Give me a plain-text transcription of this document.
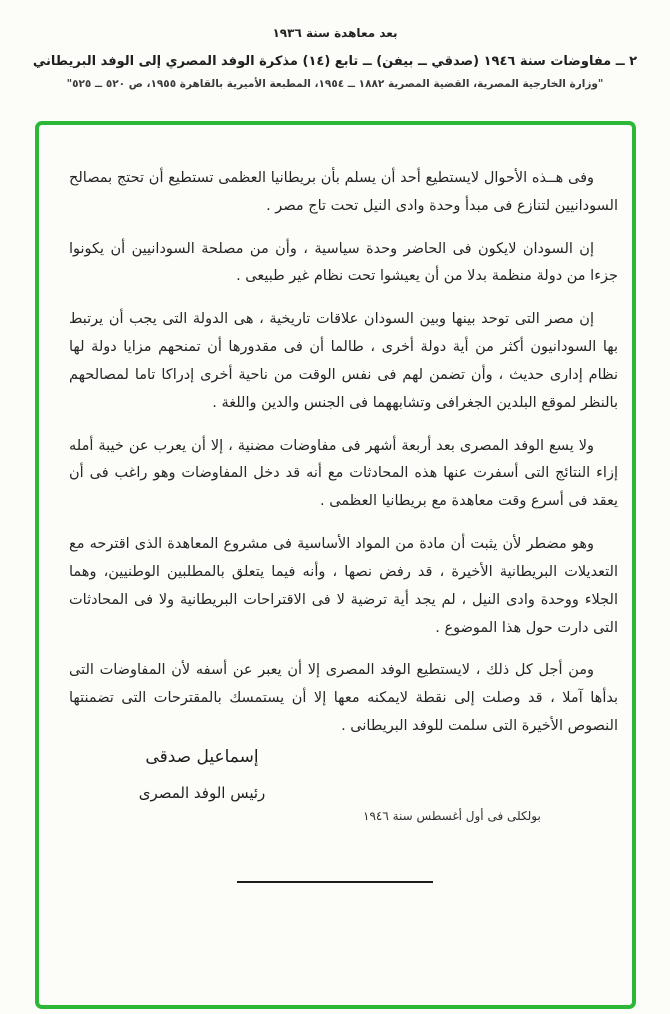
بعد معاهدة سنة ١٩٣٦
٢ ــ مفاوضات سنة ١٩٤٦ (صدقي ــ بيفن) ــ تابع (١٤) مذكرة الوفد المصري إلى الوفد البريطاني
"وزارة الخارجية المصرية، القضية المصرية ١٨٨٢ ــ ١٩٥٤، المطبعة الأميرية بالقاهرة ١٩٥٥، ص ٥٢٠ ــ ٥٢٥"

وفى هــذه الأحوال لايستطيع أحد أن يسلم بأن بريطانيا العظمى تستطيع أن تحتج بمصالح السودانيين لتنازع فى مبدأ وحدة وادى النيل تحت تاج مصر .

إن السودان لايكون فى الحاضر وحدة سياسية ، وأن من مصلحة السودانيين أن يكونوا جزءا من دولة منظمة بدلا من أن يعيشوا تحت نظام غير طبيعى .

إن مصر التى توحد بينها وبين السودان علاقات تاريخية ، هى الدولة التى يجب أن يرتبط بها السودانيون أكثر من أية دولة أخرى ، طالما أن فى مقدورها أن تمنحهم مزايا دولة لها نظام إدارى حديث ، وأن تضمن لهم فى نفس الوقت من ناحية أخرى إدراكا تاما لمصالحهم بالنظر لموقع البلدين الجغرافى وتشابههما فى الجنس والدين واللغة .

ولا يسع الوفد المصرى بعد أربعة أشهر فى مفاوضات مضنية ، إلا أن يعرب عن خيبة أمله إزاء النتائج التى أسفرت عنها هذه المحادثات مع أنه قد دخل المفاوضات وهو راغب فى أن يعقد فى أسرع وقت معاهدة مع بريطانيا العظمى .

وهو مضطر لأن يثبت أن مادة من المواد الأساسية فى مشروع المعاهدة الذى اقترحه مع التعديلات البريطانية الأخيرة ، قد رفض نصها ، وأنه فيما يتعلق بالمطلبين الوطنيين، وهما الجلاء ووحدة وادى النيل ، لم يجد أية ترضية لا فى الاقتراحات البريطانية ولا فى المحادثات التى دارت حول هذا الموضوع .

ومن أجل كل ذلك ، لايستطيع الوفد المصرى إلا أن يعبر عن أسفه لأن المفاوضات التى بدأها آملا ، قد وصلت إلى نقطة لايمكنه معها إلا أن يستمسك بالمقترحات التى تضمنتها النصوص الأخيرة التى سلمت للوفد البريطانى .

إسماعيل صدقى
رئيس الوفد المصرى
بولكلى فى أول أغسطس سنة ١٩٤٦
